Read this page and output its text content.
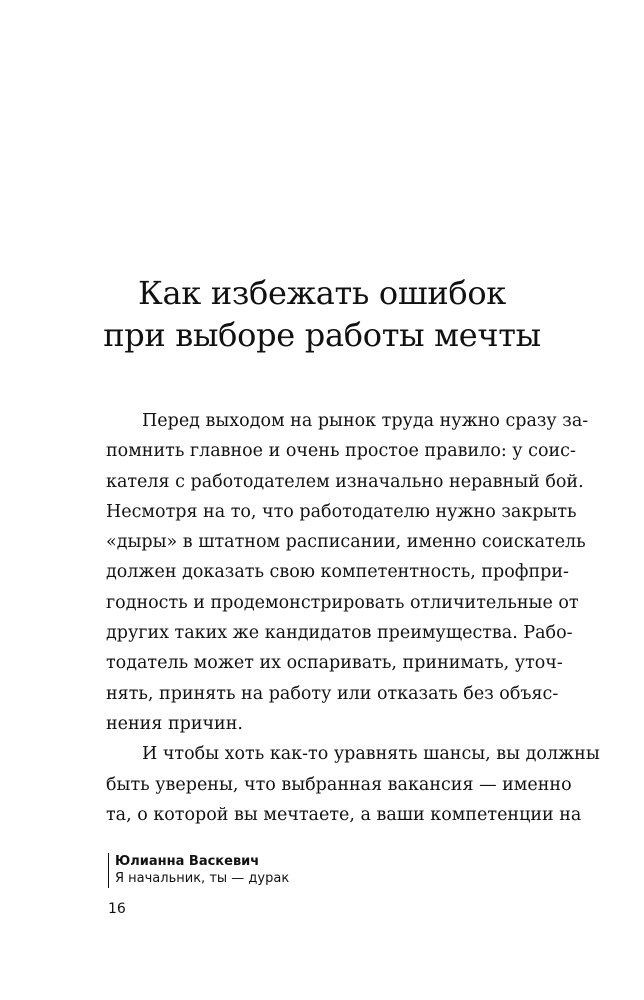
Как избежать ошибок
при выборе работы мечты
Перед выходом на рынок труда нужно сразу за-
помнить главное и очень простое правило: у соис-
кателя с работодателем изначально неравный бой.
Несмотря на то, что работодателю нужно закрыть
«дыры» в штатном расписании, именно соискатель
должен доказать свою компетентность, профпри-
годность и продемонстрировать отличительные от
других таких же кандидатов преимущества. Рабо-
тодатель может их оспаривать, принимать, уточ-
нять, принять на работу или отказать без объяс-
нения причин.
И чтобы хоть как-то уравнять шансы, вы должны
быть уверены, что выбранная вакансия — именно
та, о которой вы мечтаете, а ваши компетенции на
Юлианна Васкевич
Я начальник, ты — дурак
16
